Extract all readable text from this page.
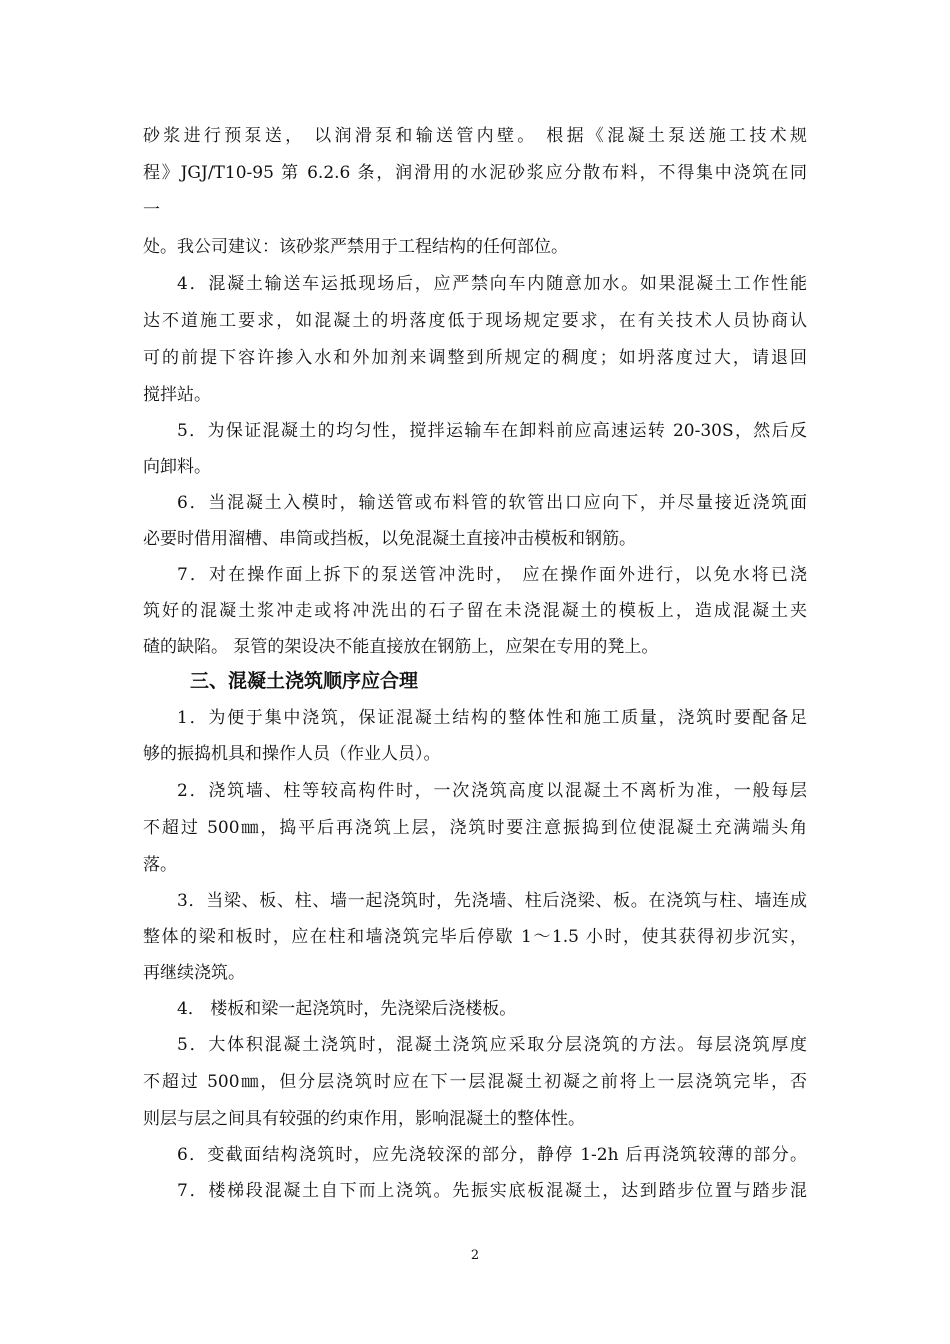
砂浆进行预泵送， 以润滑泵和输送管内壁。 根据《混凝土泵送施工技术规
程》JGJ/T10-95 第 6.2.6 条，润滑用的水泥砂浆应分散布料，不得集中浇筑在同
一
处。我公司建议：该砂浆严禁用于工程结构的任何部位。
4．混凝土输送车运抵现场后，应严禁向车内随意加水。如果混凝土工作性能
达不道施工要求，如混凝土的坍落度低于现场规定要求，在有关技术人员协商认
可的前提下容许掺入水和外加剂来调整到所规定的稠度；如坍落度过大，请退回
搅拌站。
5．为保证混凝土的均匀性，搅拌运输车在卸料前应高速运转 20-30S，然后反
向卸料。
6．当混凝土入模时，输送管或布料管的软管出口应向下，并尽量接近浇筑面
必要时借用溜槽、串筒或挡板，以免混凝土直接冲击模板和钢筋。
7．对在操作面上拆下的泵送管冲洗时， 应在操作面外进行，以免水将已浇
筑好的混凝土浆冲走或将冲洗出的石子留在未浇混凝土的模板上，造成混凝土夹
碴的缺陷。 泵管的架设决不能直接放在钢筋上，应架在专用的凳上。
三、混凝土浇筑顺序应合理
1．为便于集中浇筑，保证混凝土结构的整体性和施工质量，浇筑时要配备足
够的振捣机具和操作人员（作业人员）。
2．浇筑墙、柱等较高构件时，一次浇筑高度以混凝土不离析为准，一般每层
不超过 500㎜，捣平后再浇筑上层，浇筑时要注意振捣到位使混凝土充满端头角
落。
3．当梁、板、柱、墙一起浇筑时，先浇墙、柱后浇梁、板。在浇筑与柱、墙连成
整体的梁和板时，应在柱和墙浇筑完毕后停歇 1～1.5 小时，使其获得初步沉实，
再继续浇筑。
4． 楼板和梁一起浇筑时，先浇梁后浇楼板。
5．大体积混凝土浇筑时，混凝土浇筑应采取分层浇筑的方法。每层浇筑厚度
不超过 500㎜，但分层浇筑时应在下一层混凝土初凝之前将上一层浇筑完毕，否
则层与层之间具有较强的约束作用，影响混凝土的整体性。
6．变截面结构浇筑时，应先浇较深的部分，静停 1-2h 后再浇筑较薄的部分。
7．楼梯段混凝土自下而上浇筑。先振实底板混凝土，达到踏步位置与踏步混
2
